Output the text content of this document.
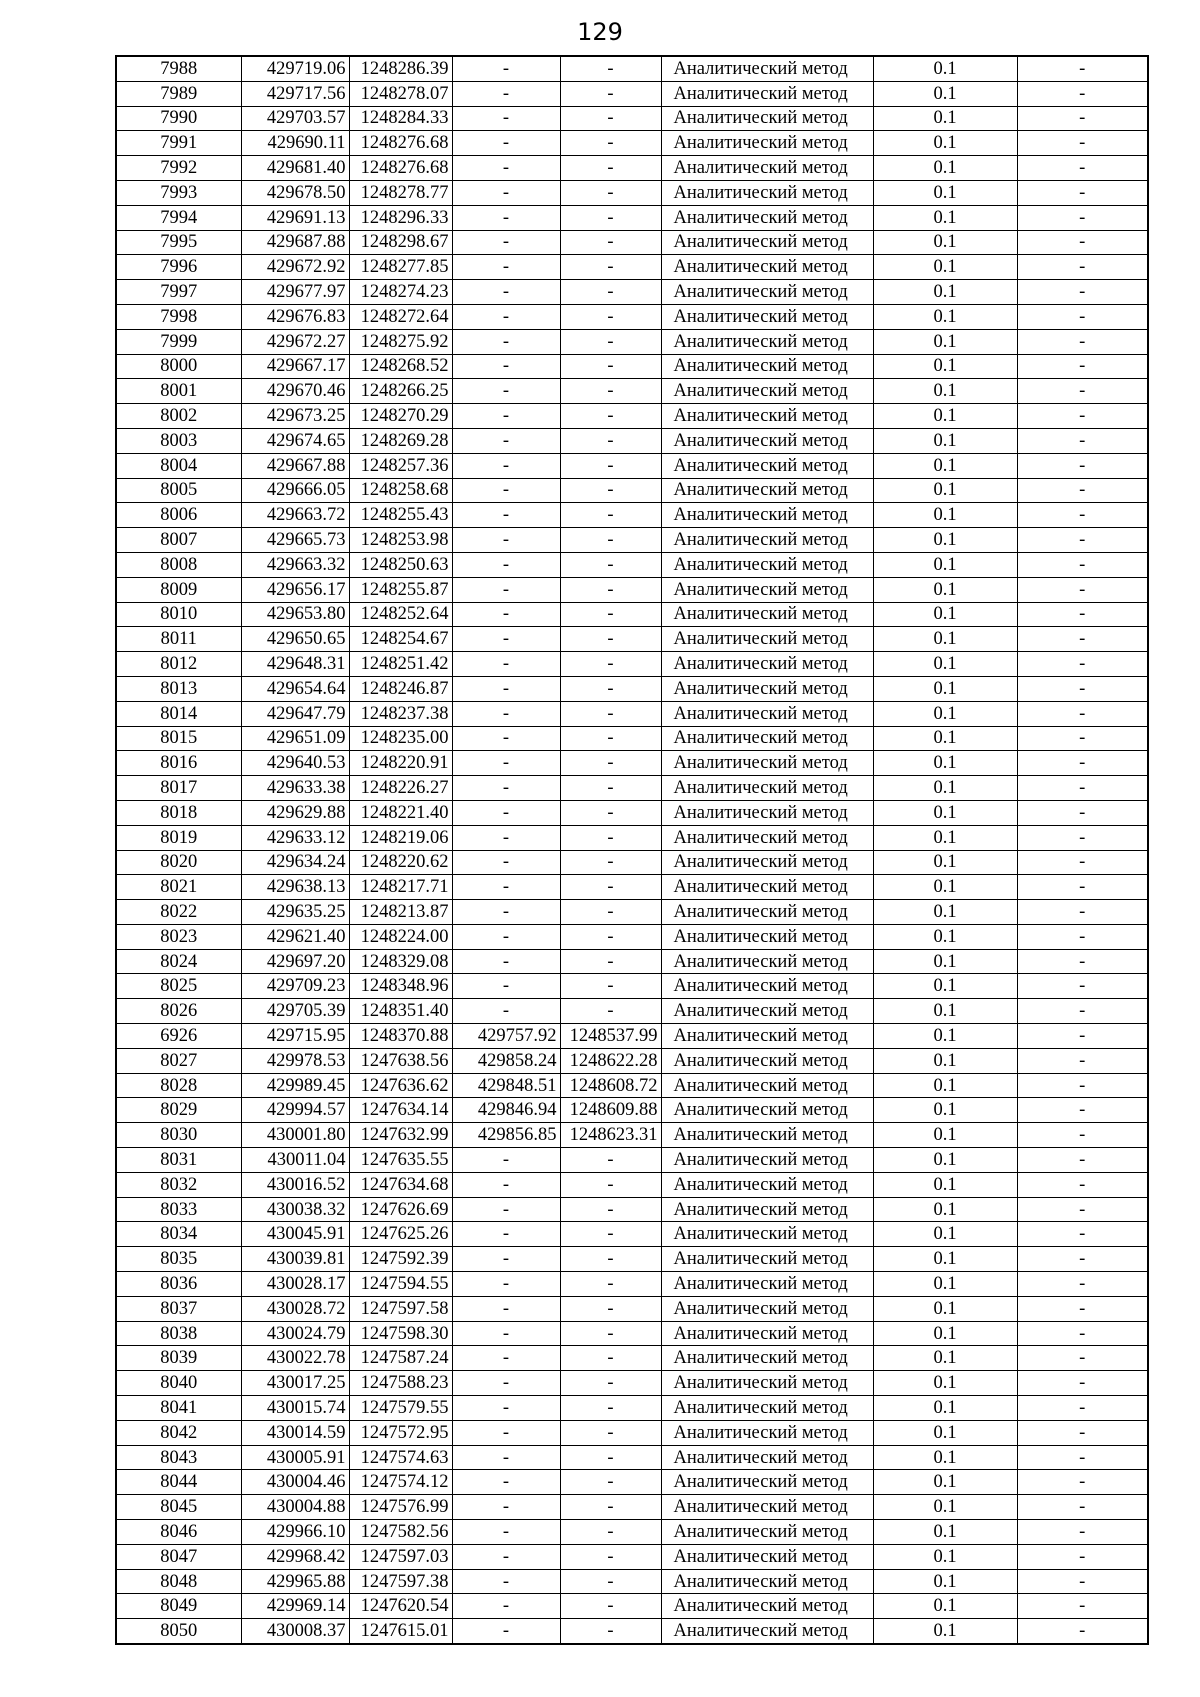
129
7988	429719.06	1248286.39	-	-	Аналитический метод	0.1	-
7989	429717.56	1248278.07	-	-	Аналитический метод	0.1	-
7990	429703.57	1248284.33	-	-	Аналитический метод	0.1	-
7991	429690.11	1248276.68	-	-	Аналитический метод	0.1	-
7992	429681.40	1248276.68	-	-	Аналитический метод	0.1	-
7993	429678.50	1248278.77	-	-	Аналитический метод	0.1	-
7994	429691.13	1248296.33	-	-	Аналитический метод	0.1	-
7995	429687.88	1248298.67	-	-	Аналитический метод	0.1	-
7996	429672.92	1248277.85	-	-	Аналитический метод	0.1	-
7997	429677.97	1248274.23	-	-	Аналитический метод	0.1	-
7998	429676.83	1248272.64	-	-	Аналитический метод	0.1	-
7999	429672.27	1248275.92	-	-	Аналитический метод	0.1	-
8000	429667.17	1248268.52	-	-	Аналитический метод	0.1	-
8001	429670.46	1248266.25	-	-	Аналитический метод	0.1	-
8002	429673.25	1248270.29	-	-	Аналитический метод	0.1	-
8003	429674.65	1248269.28	-	-	Аналитический метод	0.1	-
8004	429667.88	1248257.36	-	-	Аналитический метод	0.1	-
8005	429666.05	1248258.68	-	-	Аналитический метод	0.1	-
8006	429663.72	1248255.43	-	-	Аналитический метод	0.1	-
8007	429665.73	1248253.98	-	-	Аналитический метод	0.1	-
8008	429663.32	1248250.63	-	-	Аналитический метод	0.1	-
8009	429656.17	1248255.87	-	-	Аналитический метод	0.1	-
8010	429653.80	1248252.64	-	-	Аналитический метод	0.1	-
8011	429650.65	1248254.67	-	-	Аналитический метод	0.1	-
8012	429648.31	1248251.42	-	-	Аналитический метод	0.1	-
8013	429654.64	1248246.87	-	-	Аналитический метод	0.1	-
8014	429647.79	1248237.38	-	-	Аналитический метод	0.1	-
8015	429651.09	1248235.00	-	-	Аналитический метод	0.1	-
8016	429640.53	1248220.91	-	-	Аналитический метод	0.1	-
8017	429633.38	1248226.27	-	-	Аналитический метод	0.1	-
8018	429629.88	1248221.40	-	-	Аналитический метод	0.1	-
8019	429633.12	1248219.06	-	-	Аналитический метод	0.1	-
8020	429634.24	1248220.62	-	-	Аналитический метод	0.1	-
8021	429638.13	1248217.71	-	-	Аналитический метод	0.1	-
8022	429635.25	1248213.87	-	-	Аналитический метод	0.1	-
8023	429621.40	1248224.00	-	-	Аналитический метод	0.1	-
8024	429697.20	1248329.08	-	-	Аналитический метод	0.1	-
8025	429709.23	1248348.96	-	-	Аналитический метод	0.1	-
8026	429705.39	1248351.40	-	-	Аналитический метод	0.1	-
6926	429715.95	1248370.88	429757.92	1248537.99	Аналитический метод	0.1	-
8027	429978.53	1247638.56	429858.24	1248622.28	Аналитический метод	0.1	-
8028	429989.45	1247636.62	429848.51	1248608.72	Аналитический метод	0.1	-
8029	429994.57	1247634.14	429846.94	1248609.88	Аналитический метод	0.1	-
8030	430001.80	1247632.99	429856.85	1248623.31	Аналитический метод	0.1	-
8031	430011.04	1247635.55	-	-	Аналитический метод	0.1	-
8032	430016.52	1247634.68	-	-	Аналитический метод	0.1	-
8033	430038.32	1247626.69	-	-	Аналитический метод	0.1	-
8034	430045.91	1247625.26	-	-	Аналитический метод	0.1	-
8035	430039.81	1247592.39	-	-	Аналитический метод	0.1	-
8036	430028.17	1247594.55	-	-	Аналитический метод	0.1	-
8037	430028.72	1247597.58	-	-	Аналитический метод	0.1	-
8038	430024.79	1247598.30	-	-	Аналитический метод	0.1	-
8039	430022.78	1247587.24	-	-	Аналитический метод	0.1	-
8040	430017.25	1247588.23	-	-	Аналитический метод	0.1	-
8041	430015.74	1247579.55	-	-	Аналитический метод	0.1	-
8042	430014.59	1247572.95	-	-	Аналитический метод	0.1	-
8043	430005.91	1247574.63	-	-	Аналитический метод	0.1	-
8044	430004.46	1247574.12	-	-	Аналитический метод	0.1	-
8045	430004.88	1247576.99	-	-	Аналитический метод	0.1	-
8046	429966.10	1247582.56	-	-	Аналитический метод	0.1	-
8047	429968.42	1247597.03	-	-	Аналитический метод	0.1	-
8048	429965.88	1247597.38	-	-	Аналитический метод	0.1	-
8049	429969.14	1247620.54	-	-	Аналитический метод	0.1	-
8050	430008.37	1247615.01	-	-	Аналитический метод	0.1	-
